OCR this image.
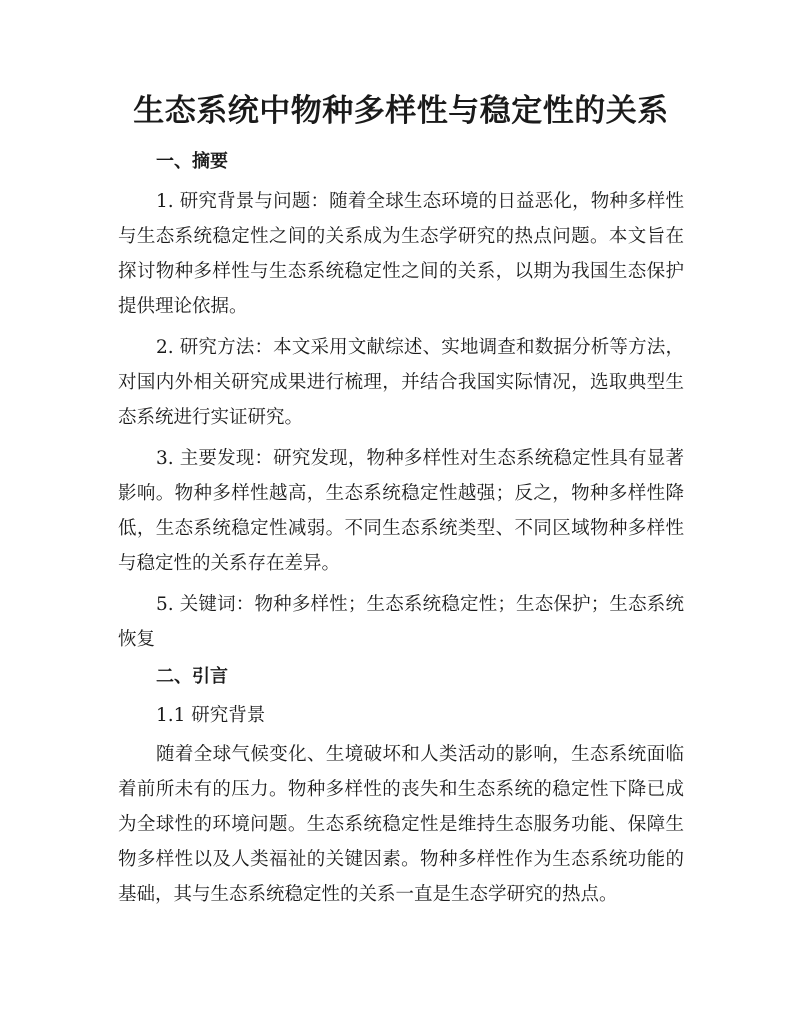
生态系统中物种多样性与稳定性的关系
一、摘要

1. 研究背景与问题：随着全球生态环境的日益恶化，物种多样性与生态系统稳定性之间的关系成为生态学研究的热点问题。本文旨在探讨物种多样性与生态系统稳定性之间的关系，以期为我国生态保护提供理论依据。

2. 研究方法：本文采用文献综述、实地调查和数据分析等方法，对国内外相关研究成果进行梳理，并结合我国实际情况，选取典型生态系统进行实证研究。

3. 主要发现：研究发现，物种多样性对生态系统稳定性具有显著影响。物种多样性越高，生态系统稳定性越强；反之，物种多样性降低，生态系统稳定性减弱。不同生态系统类型、不同区域物种多样性与稳定性的关系存在差异。

5. 关键词：物种多样性；生态系统稳定性；生态保护；生态系统恢复

二、引言
1.1 研究背景

随着全球气候变化、生境破坏和人类活动的影响，生态系统面临着前所未有的压力。物种多样性的丧失和生态系统的稳定性下降已成为全球性的环境问题。生态系统稳定性是维持生态服务功能、保障生物多样性以及人类福祉的关键因素。物种多样性作为生态系统功能的基础，其与生态系统稳定性的关系一直是生态学研究的热点。
